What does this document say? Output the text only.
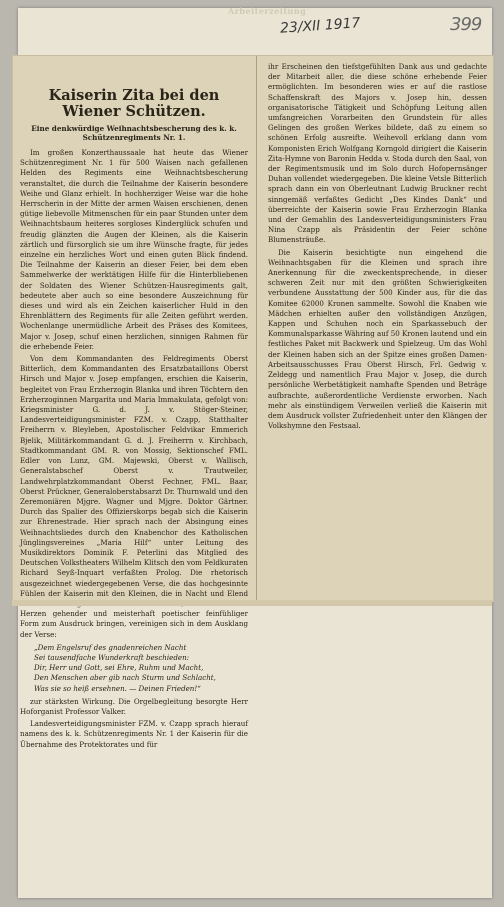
Arbeiterzeitung
23/XII 1917	399
Kaiserin Zita bei den Wiener Schützen.
Eine denkwürdige Weihnachtsbescherung des k. k. Schützenregiments Nr. 1.

Im großen Konzerthaussaale hat heute das Wiener Schützenregiment Nr. 1 für 500 Waisen nach gefallenen Helden des Regiments eine Weihnachtsbescherung veranstaltet, die durch die Teilnahme der Kaiserin besondere Weihe und Glanz erhielt. In hochherziger Weise war die hohe Herrscherin in der Mitte der armen Waisen erschienen, denen gütige liebevolle Mitmenschen für ein paar Stunden unter dem Weihnachtsbaum heiteres sorgloses Kinderglück schufen und freudig glänzten die Augen der Kleinen, als die Kaiserin zärtlich und fürsorglich sie um ihre Wünsche fragte, für jedes einzelne ein herzliches Wort und einen guten Blick findend. Die Teilnahme der Kaiserin an dieser Feier, bei dem eben Sammelwerke der werktätigen Hilfe für die Hinterbliebenen der Soldaten des Wiener Schützen-Hausregiments galt, bedeutete aber auch so eine besondere Auszeichnung für dieses und wird als ein Zeichen kaiserlicher Huld in den Ehrenblättern des Regiments für alle Zeiten geführt werden. Wochenlange unermüdliche Arbeit des Präses des Komitees, Major v. Josep, schuf einen herzlichen, sinnigen Rahmen für die erhebende Feier.

Von dem Kommandanten des Feldregiments Oberst Bitterlich, dem Kommandanten des Ersatzbataillons Oberst Hirsch und Major v. Josep empfangen, erschien die Kaiserin, begleitet von Frau Erzherzogin Blanka und ihren Töchtern den Erzherzoginnen Margarita und Maria Immakulata, gefolgt von: Kriegsminister G. d. J. v. Stöger-Steiner, Landesverteidigungsminister FZM. v. Czapp, Statthalter Freiherrn v. Bleyleben, Apostolischer Feldvikar Emmerich Bjelik, Militärkommandant G. d. J. Freiherrn v. Kirchbach, Stadtkommandant GM. R. von Mossig, Sektionschef FML. Edler von Lunz, GM. Majewski, Oberst v. Wallisch, Generalstabschef Oberst v. Trautweiler, Landwehrplatzkommandant Oberst Fechner, FML. Baar, Oberst Prückner, Generaloberstabsarzt Dr. Thurnwald und den Zeremoniären Mjgre. Wagner und Mjgre. Doktor Gärtner. Durch das Spalier des Offizierskorps begab sich die Kaiserin zur Ehrenestrade. Hier sprach nach der Absingung eines Weihnachtsliedes durch den Knabenchor des Katholischen Jünglingsvereines „Maria Hilf“ unter Leitung des Musikdirektors Dominik F. Peterlini das Mitglied des Deutschen Volkstheaters Wilhelm Klitsch den vom Feldkuraten Richard Seyß-Inquart verfaßten Prolog. Die rhetorisch ausgezeichnet wiedergegebenen Verse, die das hochgesinnte Fühlen der Kaiserin mit den Kleinen, die in Nacht und Elend Herzen gehender und meisterhaft poetischer feinfühliger Form zum Ausdruck bringen, vereinigen sich in dem Ausklang der Verse:

„Dem Engelsruf des gnadenreichen Nacht
Sei tausendfache Wunderkraft beschieden:
Dir, Herr und Gott, sei Ehre, Ruhm und Macht,
Den Menschen aber gib nach Sturm und Schlacht,
Was sie so heiß ersehnen. — Deinen Frieden!“

zur stärksten Wirkung. Die Orgelbegleitung besorgte Herr Hoforganist Professor Valker.

Landesverteidigungsminister FZM. v. Czapp sprach hierauf namens des k. k. Schützenregiments Nr. 1 der Kaiserin für die Übernahme des Protektorates und für

ihr Erscheinen den tiefstgefühlten Dank aus und gedachte der Mitarbeit aller, die diese schöne erhebende Feier ermöglichten. Im besonderen wies er auf die rastlose Schaffenskraft des Majors v. Josep hin, dessen organisatorische Tätigkeit und Schöpfung Leitung allen umfangreichen Vorarbeiten den Grundstein für alles Gelingen des großen Werkes bildete, daß zu einem so schönen Erfolg ausreifte. Weihevoll erklang dann vom Komponisten Erich Wolfgang Korngold dirigiert die Kaiserin Zita-Hymne von Baronin Hedda v. Stoda durch den Saal, von der Regimentsmusik und im Solo durch Hofopernsänger Duhan vollendet wiedergegeben. Die kleine Vetsle Bitterlich sprach dann ein von Oberleutnant Ludwig Bruckner recht sinngemäß verfaßtes Gedicht „Des Kindes Dank“ und überreichte der Kaiserin sowie Frau Erzherzogin Blanka und der Gemahlin des Landesverteidigungsministers Frau Nina Czapp als Präsidentin der Feier schöne Blumensträuße.

Die Kaiserin besichtigte nun eingehend die Weihnachtsgaben für die Kleinen und sprach ihre Anerkennung für die zweckentsprechende, in dieser schweren Zeit nur mit den größten Schwierigkeiten verbundene Ausstattung der 500 Kinder aus, für die das Komitee 62000 Kronen sammelte. Sowohl die Knaben wie Mädchen erhielten außer den vollständigen Anzügen, Kappen und Schuhen noch ein Sparkassebuch der Kommunalsparkasse Währing auf 50 Kronen lautend und ein festliches Paket mit Backwerk und Spielzeug. Um das Wohl der Kleinen haben sich an der Spitze eines großen Damen-Arbeitsausschusses Frau Oberst Hirsch, Frl. Gedwig v. Zeldegg und namentlich Frau Major v. Josep, die durch persönliche Werbetätigkeit namhafte Spenden und Beträge aufbrachte, außerordentliche Verdienste erworben. Nach mehr als einstündigem Verweilen verließ die Kaiserin mit dem Ausdruck vollster Zufriedenheit unter den Klängen der Volkshymne den Festsaal.
